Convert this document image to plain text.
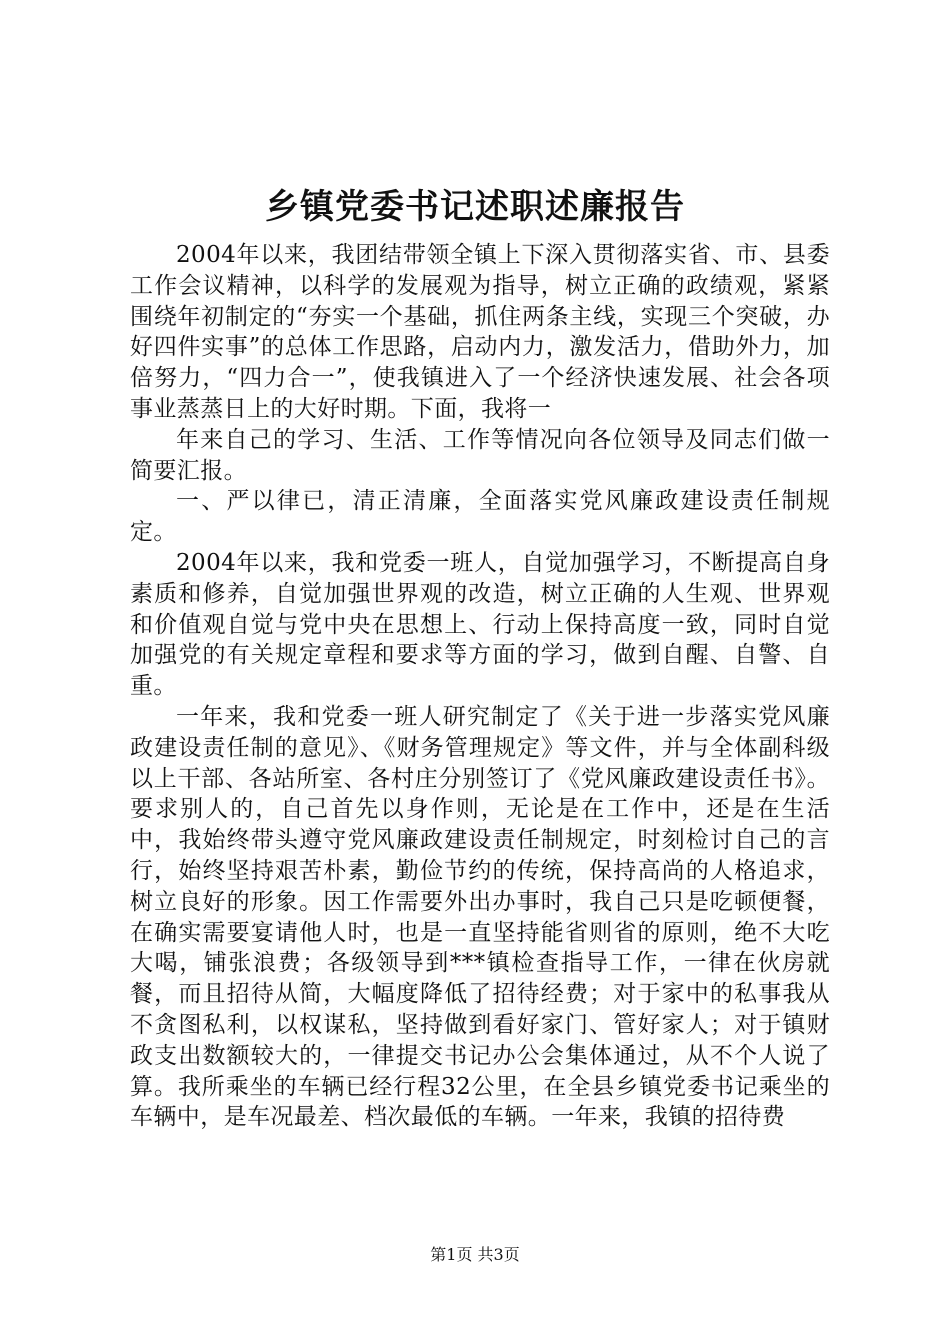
乡镇党委书记述职述廉报告

2004年以来，我团结带领全镇上下深入贯彻落实省、市、县委工作会议精神，以科学的发展观为指导，树立正确的政绩观，紧紧围绕年初制定的“夯实一个基础，抓住两条主线，实现三个突破，办好四件实事”的总体工作思路，启动内力，激发活力，借助外力，加倍努力，“四力合一”，使我镇进入了一个经济快速发展、社会各项事业蒸蒸日上的大好时期。下面，我将一

年来自己的学习、生活、工作等情况向各位领导及同志们做一简要汇报。

一、严以律已，清正清廉，全面落实党风廉政建设责任制规定。

2004年以来，我和党委一班人，自觉加强学习，不断提高自身素质和修养，自觉加强世界观的改造，树立正确的人生观、世界观和价值观自觉与党中央在思想上、行动上保持高度一致，同时自觉加强党的有关规定章程和要求等方面的学习，做到自醒、自警、自重。

一年来，我和党委一班人研究制定了《关于进一步落实党风廉政建设责任制的意见》、《财务管理规定》等文件，并与全体副科级以上干部、各站所室、各村庄分别签订了《党风廉政建设责任书》。要求别人的，自己首先以身作则，无论是在工作中，还是在生活中，我始终带头遵守党风廉政建设责任制规定，时刻检讨自己的言行，始终坚持艰苦朴素，勤俭节约的传统，保持高尚的人格追求，树立良好的形象。因工作需要外出办事时，我自己只是吃顿便餐，在确实需要宴请他人时，也是一直坚持能省则省的原则，绝不大吃大喝，铺张浪费；各级领导到***镇检查指导工作，一律在伙房就餐，而且招待从简，大幅度降低了招待经费；对于家中的私事我从不贪图私利，以权谋私，坚持做到看好家门、管好家人；对于镇财政支出数额较大的，一律提交书记办公会集体通过，从不个人说了算。我所乘坐的车辆已经行程32公里，在全县乡镇党委书记乘坐的车辆中，是车况最差、档次最低的车辆。一年来，我镇的招待费

第1页 共3页
